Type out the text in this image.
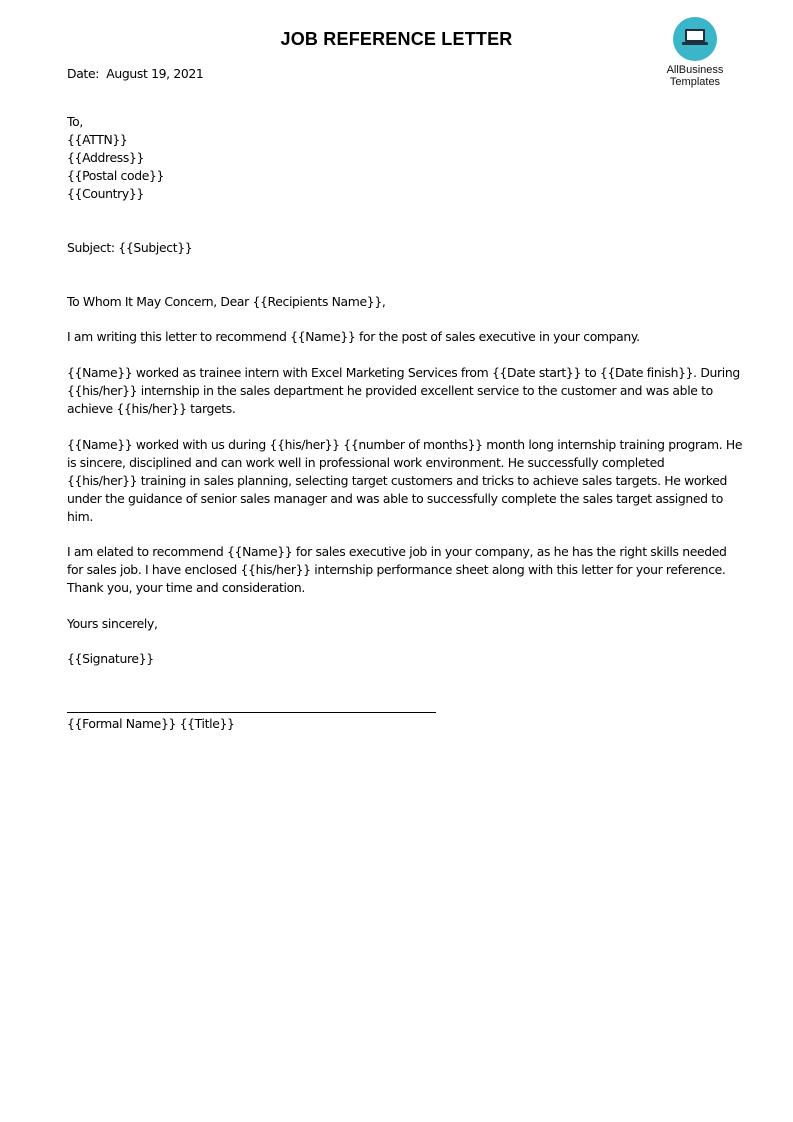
JOB REFERENCE LETTER
AllBusiness
Templates
Date: August 19, 2021
To,
{{ATTN}}
{{Address}}
{{Postal code}}
{{Country}}
Subject: {{Subject}}
To Whom It May Concern, Dear {{Recipients Name}},
I am writing this letter to recommend {{Name}} for the post of sales executive in your company.
{{Name}} worked as trainee intern with Excel Marketing Services from {{Date start}} to {{Date finish}}. During
{{his/her}} internship in the sales department he provided excellent service to the customer and was able to
achieve {{his/her}} targets.
{{Name}} worked with us during {{his/her}} {{number of months}} month long internship training program. He
is sincere, disciplined and can work well in professional work environment. He successfully completed
{{his/her}} training in sales planning, selecting target customers and tricks to achieve sales targets. He worked
under the guidance of senior sales manager and was able to successfully complete the sales target assigned to
him.
I am elated to recommend {{Name}} for sales executive job in your company, as he has the right skills needed
for sales job. I have enclosed {{his/her}} internship performance sheet along with this letter for your reference.
Thank you, your time and consideration.
Yours sincerely,
{{Signature}}
{{Formal Name}} {{Title}}
